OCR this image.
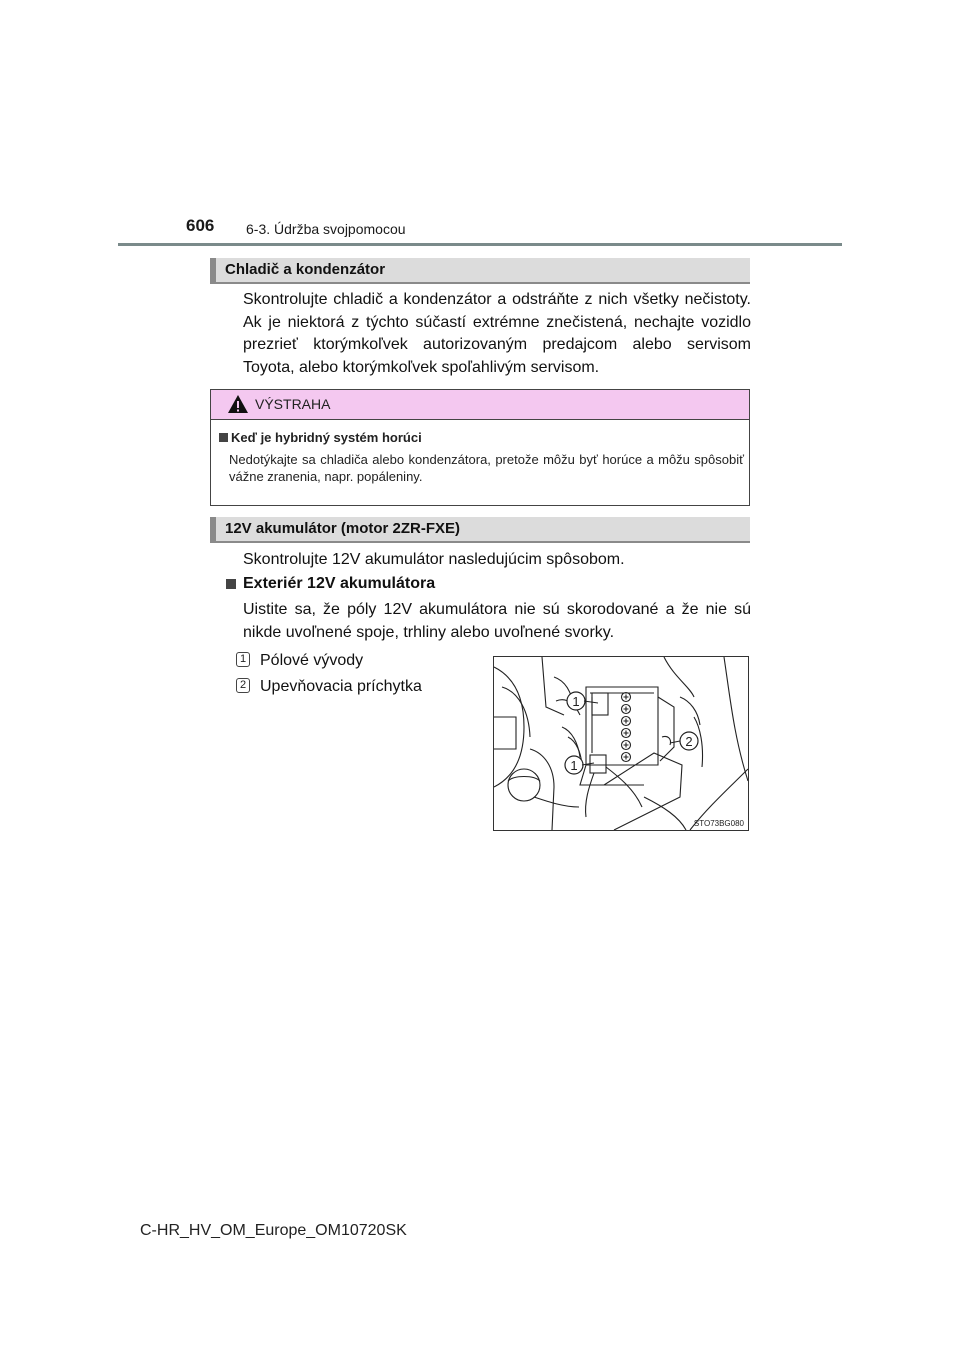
606 6-3. Údržba svojpomocou
Chladič a kondenzátor
Skontrolujte chladič a kondenzátor a odstráňte z nich všetky nečistoty. Ak je niektorá z týchto súčastí extrémne znečistená, nechajte vozidlo prezrieť ktorýmkoľvek autorizovaným predajcom alebo servisom Toyota, alebo ktorýmkoľvek spoľahlivým servisom.
VÝSTRAHA
Keď je hybridný systém horúci
Nedotýkajte sa chladiča alebo kondenzátora, pretože môžu byť horúce a môžu spôsobiť vážne zranenia, napr. popáleniny.
12V akumulátor (motor 2ZR-FXE)
Skontrolujte 12V akumulátor nasledujúcim spôsobom.
Exteriér 12V akumulátora
Uistite sa, že póly 12V akumulátora nie sú skorodované a že nie sú nikde uvoľnené spoje, trhliny alebo uvoľnené svorky.
1 Pólové vývody
2 Upevňovacia príchytka
1
2
1
STO73BG080
C-HR_HV_OM_Europe_OM10720SK
